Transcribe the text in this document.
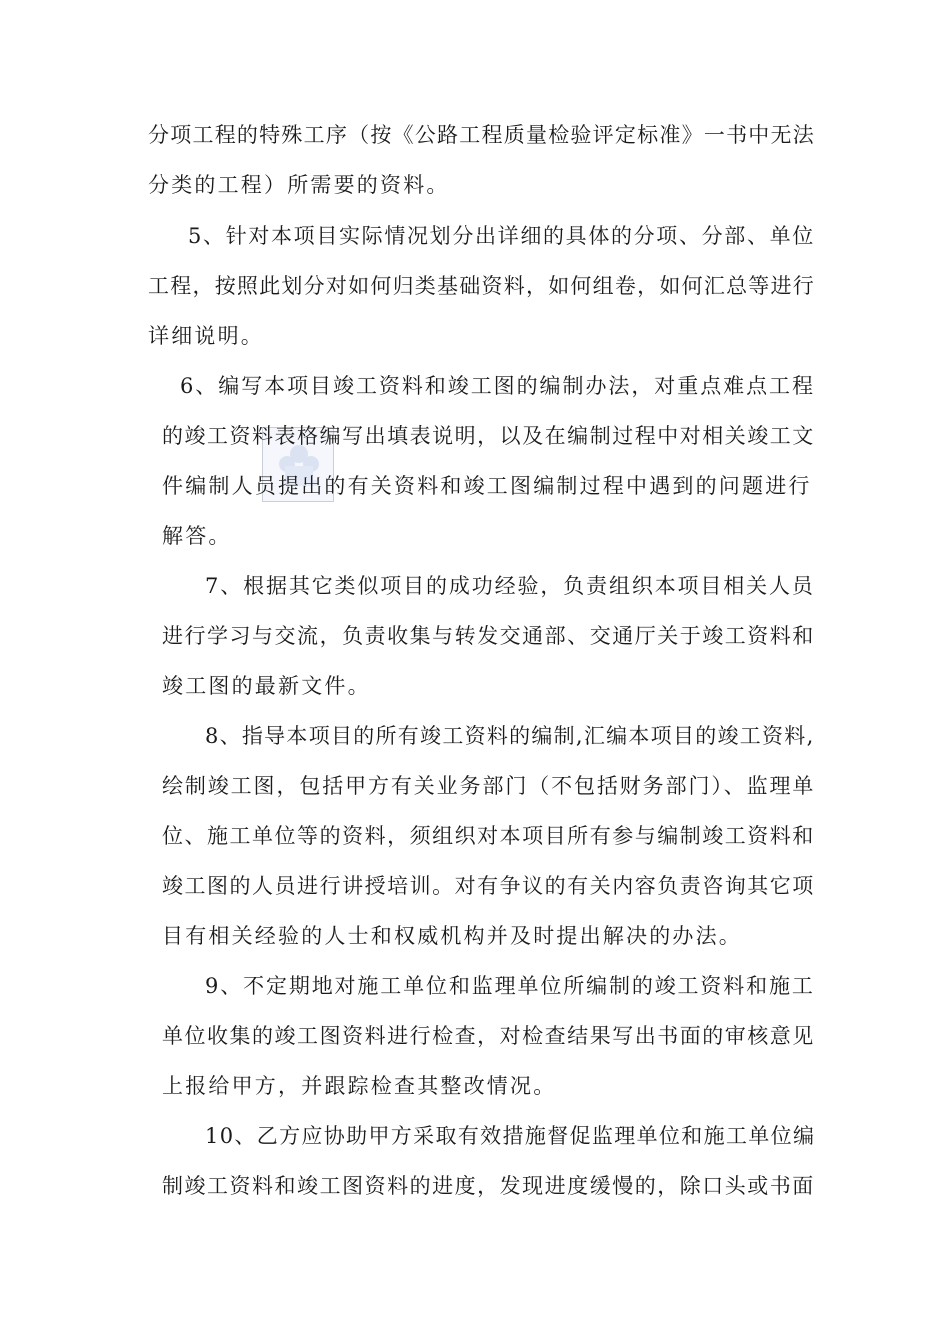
分项工程的特殊工序（按《公路工程质量检验评定标准》一书中无法
分类的工程）所需要的资料。
5、针对本项目实际情况划分出详细的具体的分项、分部、单位
工程，按照此划分对如何归类基础资料，如何组卷，如何汇总等进行
详细说明。
6、编写本项目竣工资料和竣工图的编制办法，对重点难点工程
的竣工资料表格编写出填表说明，以及在编制过程中对相关竣工文
件编制人员提出的有关资料和竣工图编制过程中遇到的问题进行
解答。
7、根据其它类似项目的成功经验，负责组织本项目相关人员
进行学习与交流，负责收集与转发交通部、交通厅关于竣工资料和
竣工图的最新文件。
8、指导本项目的所有竣工资料的编制,汇编本项目的竣工资料,
绘制竣工图，包括甲方有关业务部门（不包括财务部门）、监理单
位、施工单位等的资料，须组织对本项目所有参与编制竣工资料和
竣工图的人员进行讲授培训。对有争议的有关内容负责咨询其它项
目有相关经验的人士和权威机构并及时提出解决的办法。
9、不定期地对施工单位和监理单位所编制的竣工资料和施工
单位收集的竣工图资料进行检查，对检查结果写出书面的审核意见
上报给甲方，并跟踪检查其整改情况。
10、乙方应协助甲方采取有效措施督促监理单位和施工单位编
制竣工资料和竣工图资料的进度，发现进度缓慢的，除口头或书面
